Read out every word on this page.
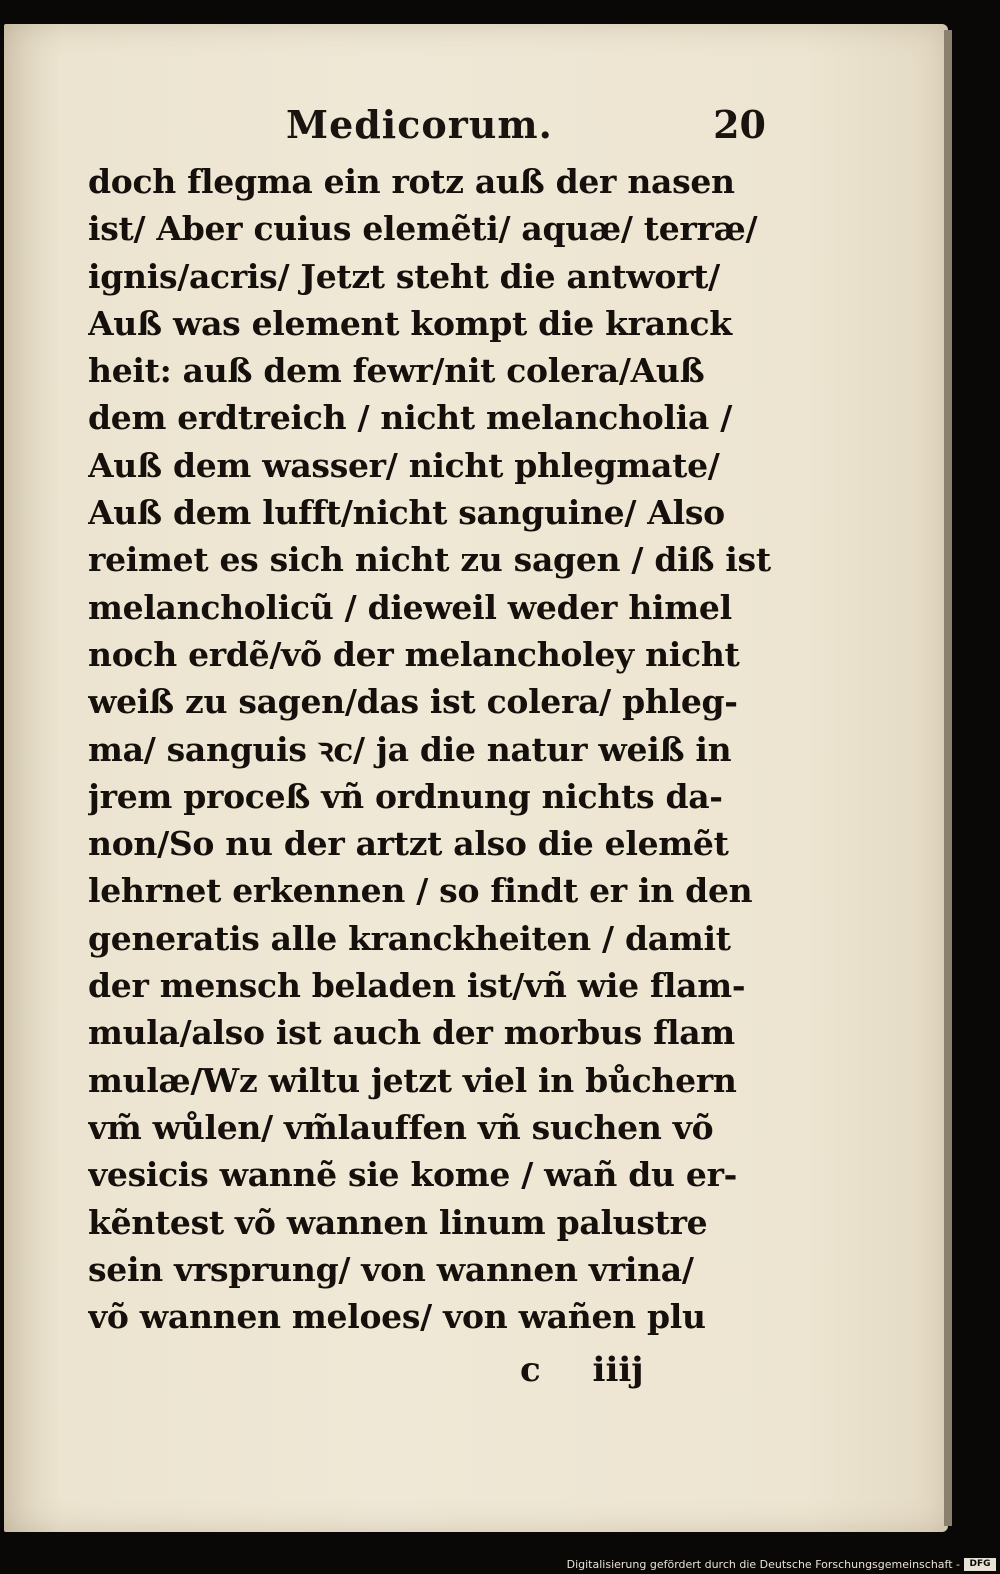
Medicorum.	20
doch flegma ein rotz auß der nasen
ist/ Aber cuius elemẽti/ aquæ/ terræ/
ignis/acris/ Jetzt steht die antwort/
Auß was element kompt die kranck
heit: auß dem fewr/nit colera/Auß
dem erdtreich / nicht melancholia /
Auß dem wasser/ nicht phlegmate/
Auß dem lufft/nicht sanguine/ Also
reimet es sich nicht zu sagen / diß ist
melancholicũ / dieweil weder himel
noch erdẽ/võ der melancholey nicht
weiß zu sagen/das ist colera/ phleg-
ma/ sanguis ꝛc/ ja die natur weiß in
jrem proceß vñ ordnung nichts da-
non/So nu der artzt also die elemẽt
lehrnet erkennen / so findt er in den
generatis alle kranckheiten / damit
der mensch beladen ist/vñ wie flam-
mula/also ist auch der morbus flam
mulæ/Wz wiltu jetzt viel in bůchern
vm̃ wůlen/ vm̃lauffen vñ suchen võ
vesicis wannẽ sie kome / wañ du er-
kẽntest võ wannen linum palustre
sein vrsprung/ von wannen vrina/
võ wannen meloes/ von wañen plu
c iiij
Digitalisierung gefördert durch die Deutsche Forschungsgemeinschaft -	DFG
